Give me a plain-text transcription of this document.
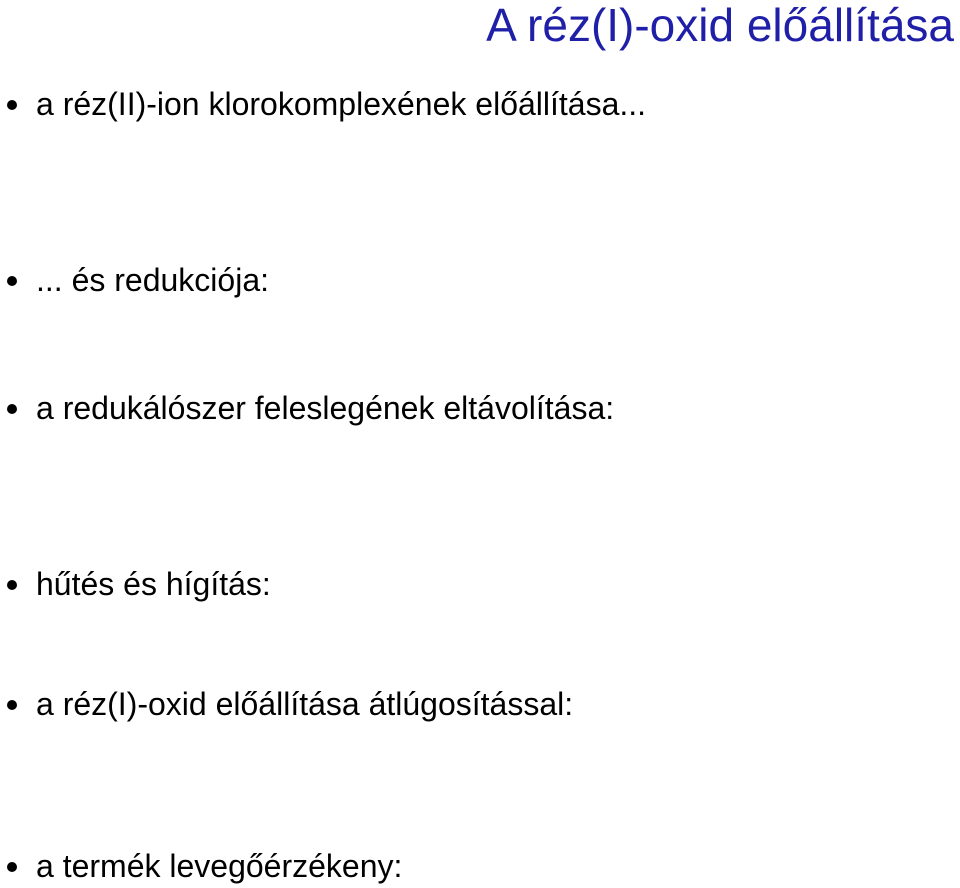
A réz(I)-oxid előállítása
a réz(II)-ion klorokomplexének előállítása...
... és redukciója:
a redukálószer feleslegének eltávolítása:
hűtés és hígítás:
a réz(I)-oxid előállítása átlúgosítással:
a termék levegőérzékeny:
